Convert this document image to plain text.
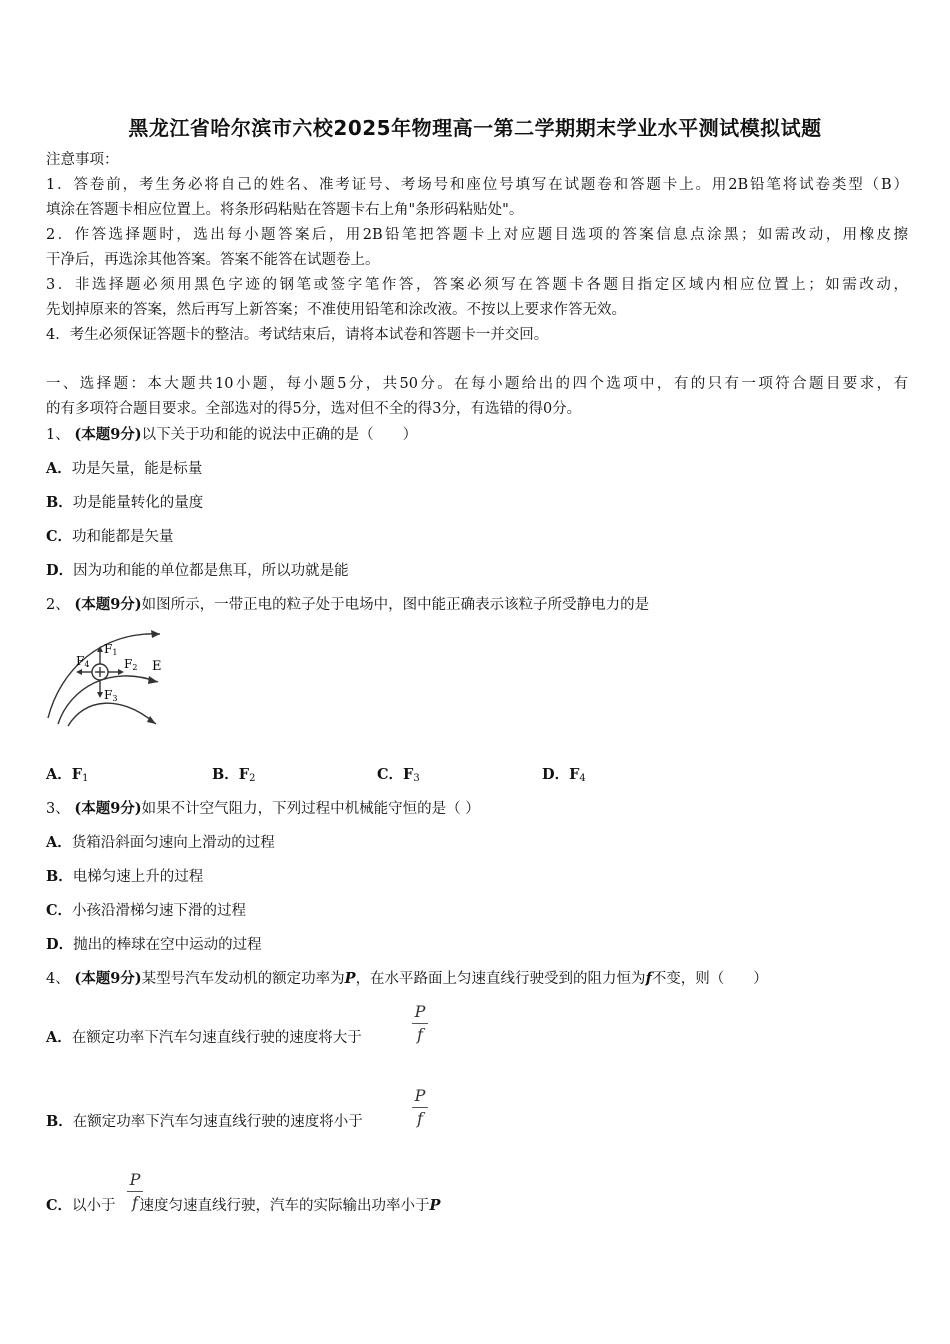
黑龙江省哈尔滨市六校2025年物理高一第二学期期末学业水平测试模拟试题
注意事项：
1．答卷前，考生务必将自己的姓名、准考证号、考场号和座位号填写在试题卷和答题卡上。用2B铅笔将试卷类型（B）
填涂在答题卡相应位置上。将条形码粘贴在答题卡右上角"条形码粘贴处"。
2．作答选择题时，选出每小题答案后，用2B铅笔把答题卡上对应题目选项的答案信息点涂黑；如需改动，用橡皮擦
干净后，再选涂其他答案。答案不能答在试题卷上。
3．非选择题必须用黑色字迹的钢笔或签字笔作答，答案必须写在答题卡各题目指定区域内相应位置上；如需改动，
先划掉原来的答案，然后再写上新答案；不准使用铅笔和涂改液。不按以上要求作答无效。
4．考生必须保证答题卡的整洁。考试结束后，请将本试卷和答题卡一并交回。
一、选择题：本大题共10小题，每小题5分，共50分。在每小题给出的四个选项中，有的只有一项符合题目要求，有
的有多项符合题目要求。全部选对的得5分，选对但不全的得3分，有选错的得0分。
1、 (本题9分)以下关于功和能的说法中正确的是（　　）
A．功是矢量，能是标量
B．功是能量转化的量度
C．功和能都是矢量
D．因为功和能的单位都是焦耳，所以功就是能
2、 (本题9分)如图所示，一带正电的粒子处于电场中，图中能正确表示该粒子所受静电力的是
F1
F2
F3
F4	E
A．$F_1$	B．$F_2$	C．$F_3$	D．$F_4$
3、 (本题9分)如果不计空气阻力，下列过程中机械能守恒的是（ ）
A．货箱沿斜面匀速向上滑动的过程
B．电梯匀速上升的过程
C．小孩沿滑梯匀速下滑的过程
D．抛出的棒球在空中运动的过程
4、 (本题9分)某型号汽车发动机的额定功率为P，在水平路面上匀速直线行驶受到的阻力恒为f不变，则（　　）
A．在额定功率下汽车匀速直线行驶的速度将大于
P
f
B．在额定功率下汽车匀速直线行驶的速度将小于
P
f
C．以小于 速度匀速直线行驶，汽车的实际输出功率小于P
P
f
